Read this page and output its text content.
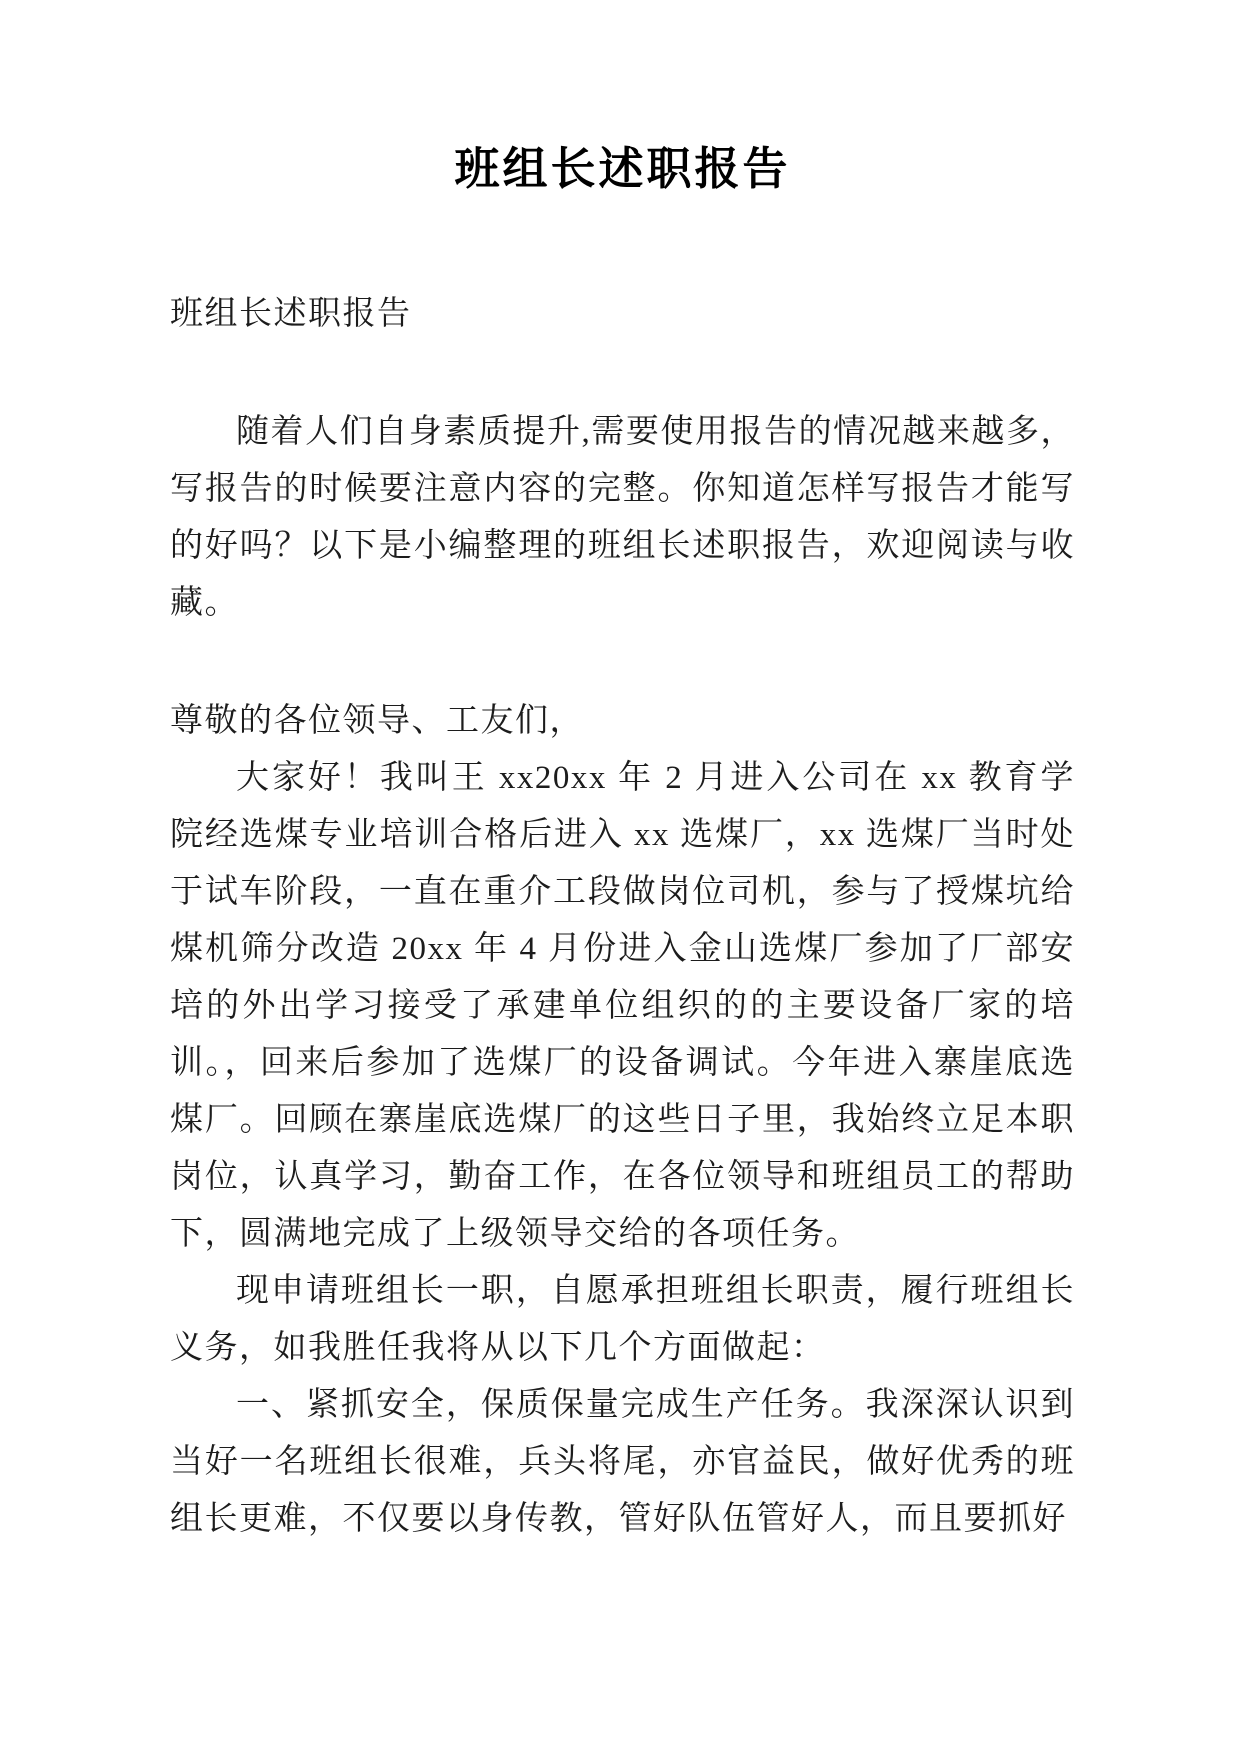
班组长述职报告

班组长述职报告

随着人们自身素质提升,需要使用报告的情况越来越多，写报告的时候要注意内容的完整。你知道怎样写报告才能写的好吗？以下是小编整理的班组长述职报告，欢迎阅读与收藏。

尊敬的各位领导、工友们，

大家好！我叫王 xx20xx 年 2 月进入公司在 xx 教育学院经选煤专业培训合格后进入 xx 选煤厂，xx 选煤厂当时处于试车阶段，一直在重介工段做岗位司机，参与了授煤坑给煤机筛分改造 20xx 年 4 月份进入金山选煤厂参加了厂部安培的外出学习接受了承建单位组织的的主要设备厂家的培训。，回来后参加了选煤厂的设备调试。今年进入寨崖底选煤厂。回顾在寨崖底选煤厂的这些日子里，我始终立足本职岗位，认真学习，勤奋工作，在各位领导和班组员工的帮助下，圆满地完成了上级领导交给的各项任务。

现申请班组长一职，自愿承担班组长职责，履行班组长义务，如我胜任我将从以下几个方面做起：

一、紧抓安全，保质保量完成生产任务。我深深认识到当好一名班组长很难，兵头将尾，亦官益民，做好优秀的班组长更难，不仅要以身传教，管好队伍管好人，而且要抓好
